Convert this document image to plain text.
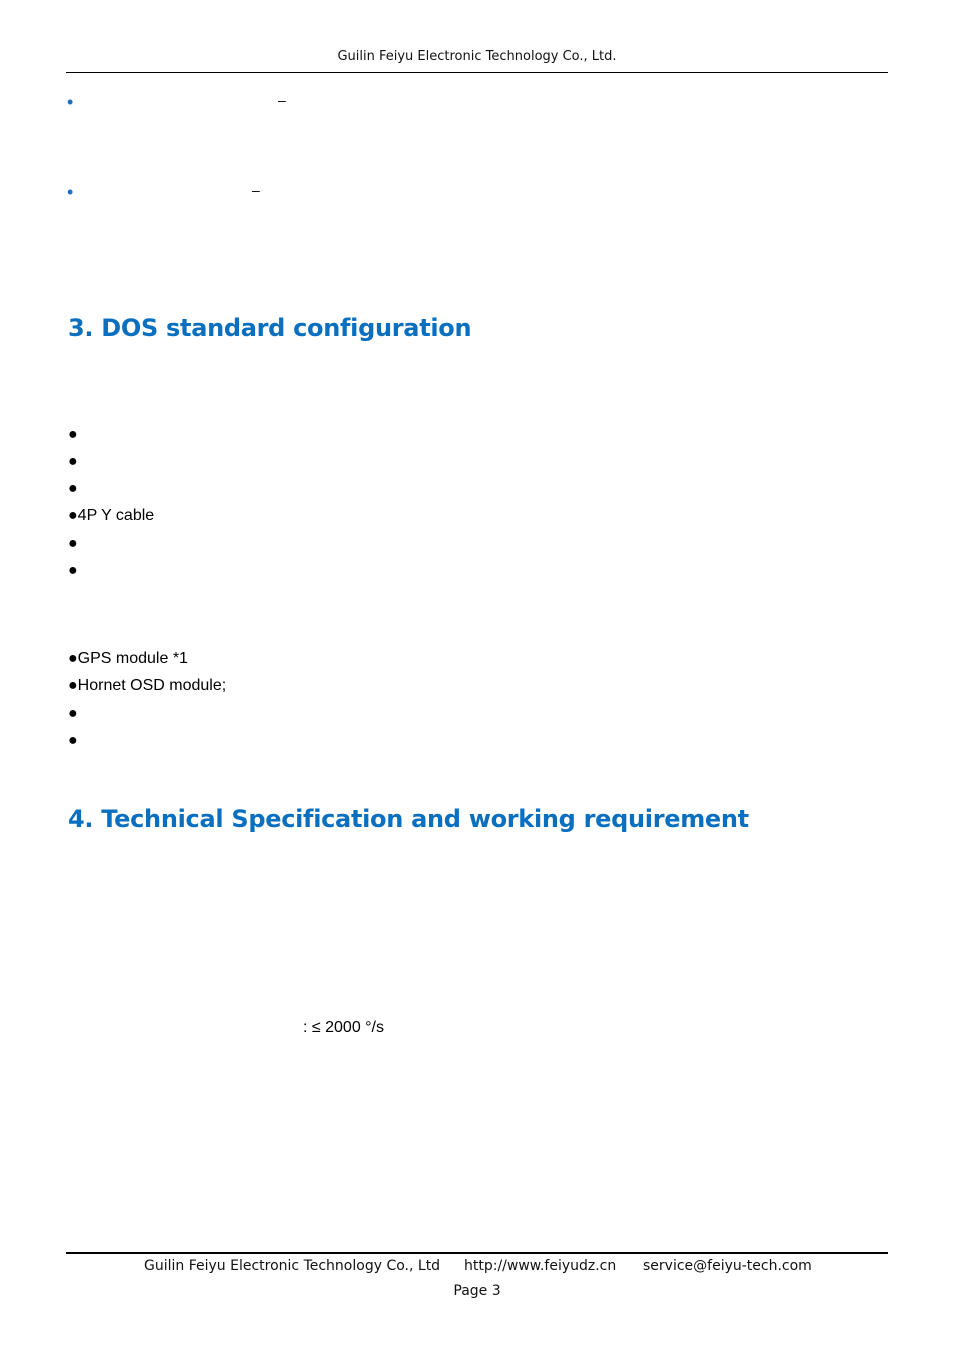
Guilin Feiyu Electronic Technology Co., Ltd.
•	–
•	–
3. DOS standard configuration
●
●
●
●4P Y cable
●
●
●GPS module *1
●Hornet OSD module;
●
●
4. Technical Specification and working requirement
: ≤ 2000 °/s
Guilin Feiyu Electronic Technology Co., Ltd http://www.feiyudz.cn service@feiyu-tech.com
Page 3
